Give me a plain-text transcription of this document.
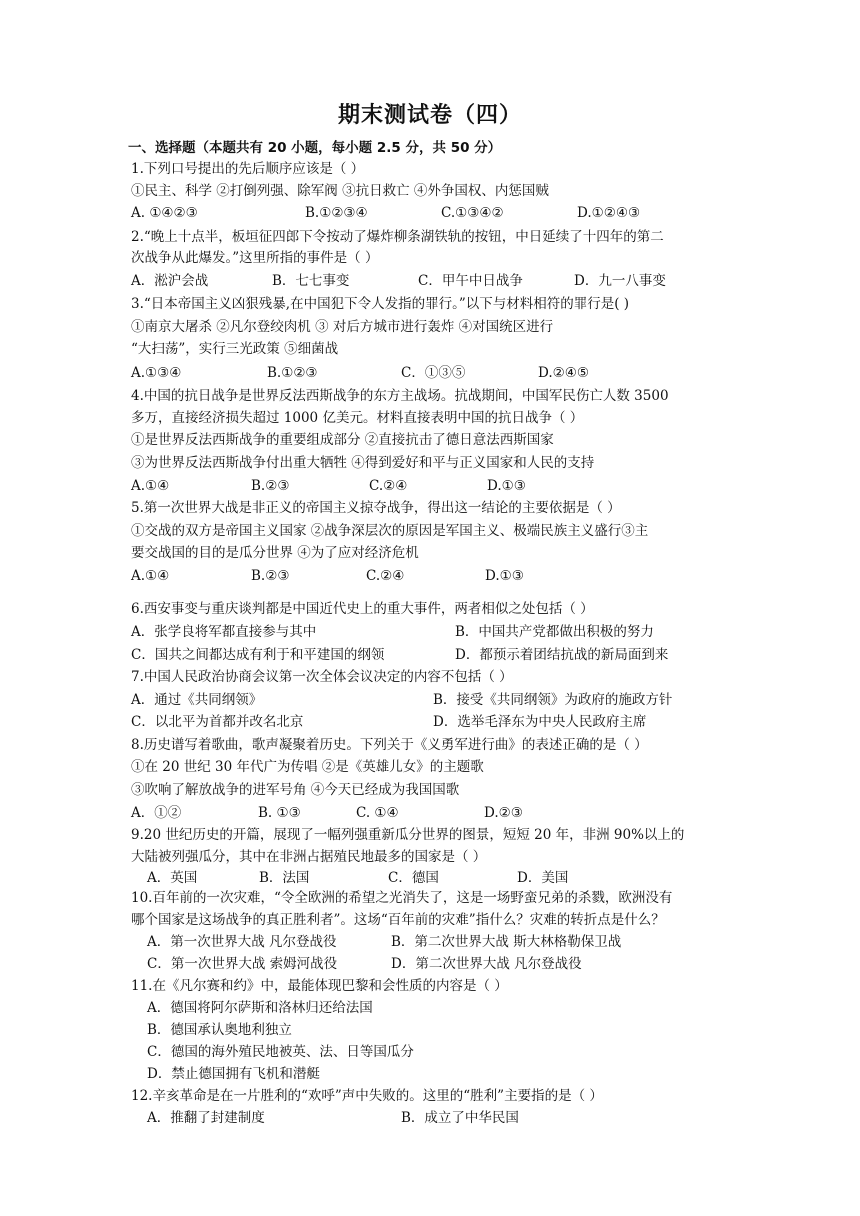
期末测试卷（四）
一、选择题（本题共有 20 小题，每小题 2.5 分，共 50 分）
1.下列口号提出的先后顺序应该是（ ）
①民主、科学 ②打倒列强、除军阀 ③抗日救亡 ④外争国权、内惩国贼
A. ①④②③	B.①②③④	C.①③④②	D.①②④③
2.“晚上十点半，板垣征四郎下令按动了爆炸柳条湖铁轨的按钮，中日延续了十四年的第二
次战争从此爆发。”这里所指的事件是（ ）
A．淞沪会战	B．七七事变	C．甲午中日战争	D．九一八事变
3.“日本帝国主义凶狠残暴,在中国犯下令人发指的罪行。”以下与材料相符的罪行是( )
①南京大屠杀 ②凡尔登绞肉机 ③ 对后方城市进行轰炸 ④对国统区进行
“大扫荡”，实行三光政策 ⑤细菌战
A.①③④	B.①②③	C．①③⑤	D.②④⑤
4.中国的抗日战争是世界反法西斯战争的东方主战场。抗战期间，中国军民伤亡人数 3500
多万，直接经济损失超过 1000 亿美元。材料直接表明中国的抗日战争（ ）
①是世界反法西斯战争的重要组成部分 ②直接抗击了德日意法西斯国家
③为世界反法西斯战争付出重大牺牲 ④得到爱好和平与正义国家和人民的支持
A.①④	B.②③	C.②④	D.①③
5.第一次世界大战是非正义的帝国主义掠夺战争，得出这一结论的主要依据是（ ）
①交战的双方是帝国主义国家 ②战争深层次的原因是军国主义、极端民族主义盛行③主
要交战国的目的是瓜分世界 ④为了应对经济危机
A.①④	B.②③	C.②④	D.①③
6.西安事变与重庆谈判都是中国近代史上的重大事件，两者相似之处包括（ ）
A．张学良将军都直接参与其中	B．中国共产党都做出积极的努力
C．国共之间都达成有利于和平建国的纲领	D．都预示着团结抗战的新局面到来
7.中国人民政治协商会议第一次全体会议决定的内容不包括（ ）
A．通过《共同纲领》	B．接受《共同纲领》为政府的施政方针
C．以北平为首都并改名北京	D．选举毛泽东为中央人民政府主席
8.历史谱写着歌曲，歌声凝聚着历史。下列关于《义勇军进行曲》的表述正确的是（ ）
①在 20 世纪 30 年代广为传唱 ②是《英雄儿女》的主题歌
③吹响了解放战争的进军号角 ④今天已经成为我国国歌
A．①②	B. ①③	C. ①④	D.②③
9.20 世纪历史的开篇，展现了一幅列强重新瓜分世界的图景，短短 20 年，非洲 90%以上的
大陆被列强瓜分，其中在非洲占据殖民地最多的国家是（ ）
A．英国	B．法国	C．德国	D．美国
10.百年前的一次灾难，“令全欧洲的希望之光消失了，这是一场野蛮兄弟的杀戮，欧洲没有
哪个国家是这场战争的真正胜利者”。这场“百年前的灾难”指什么？灾难的转折点是什么？
A．第一次世界大战 凡尔登战役	B．第二次世界大战 斯大林格勒保卫战
C．第一次世界大战 索姆河战役	D．第二次世界大战 凡尔登战役
11.在《凡尔赛和约》中，最能体现巴黎和会性质的内容是（ ）
A．德国将阿尔萨斯和洛林归还给法国
B．德国承认奥地利独立
C．德国的海外殖民地被英、法、日等国瓜分
D．禁止德国拥有飞机和潜艇
12.辛亥革命是在一片胜利的“欢呼”声中失败的。这里的“胜利”主要指的是（ ）
A．推翻了封建制度	B．成立了中华民国
